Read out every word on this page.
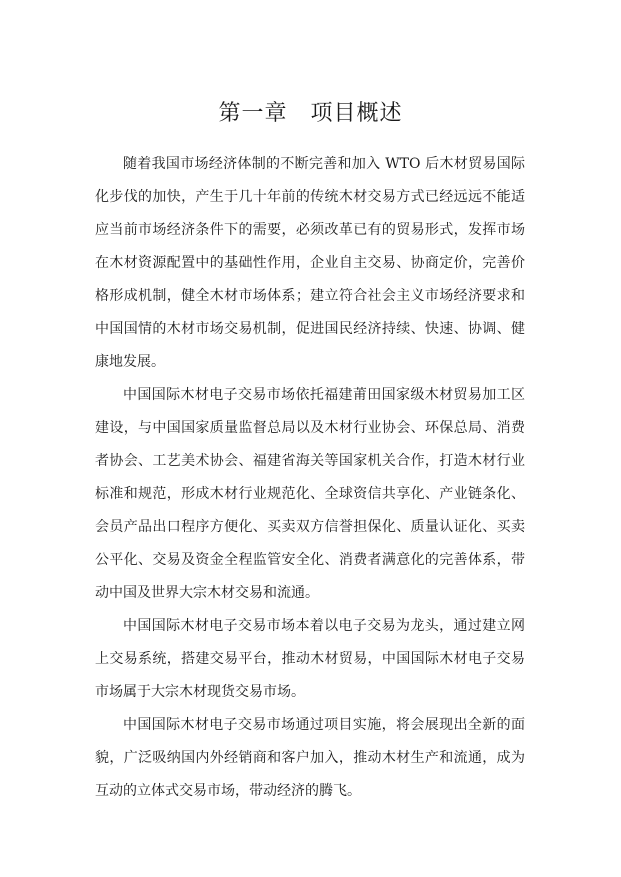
第一章　项目概述

随着我国市场经济体制的不断完善和加入 WTO 后木材贸易国际化步伐的加快，产生于几十年前的传统木材交易方式已经远远不能适应当前市场经济条件下的需要，必须改革已有的贸易形式，发挥市场在木材资源配置中的基础性作用，企业自主交易、协商定价，完善价格形成机制，健全木材市场体系；建立符合社会主义市场经济要求和中国国情的木材市场交易机制，促进国民经济持续、快速、协调、健康地发展。

中国国际木材电子交易市场依托福建莆田国家级木材贸易加工区建设，与中国国家质量监督总局以及木材行业协会、环保总局、消费者协会、工艺美术协会、福建省海关等国家机关合作，打造木材行业标准和规范，形成木材行业规范化、全球资信共享化、产业链条化、会员产品出口程序方便化、买卖双方信誉担保化、质量认证化、买卖公平化、交易及资金全程监管安全化、消费者满意化的完善体系，带动中国及世界大宗木材交易和流通。

中国国际木材电子交易市场本着以电子交易为龙头，通过建立网上交易系统，搭建交易平台，推动木材贸易，中国国际木材电子交易市场属于大宗木材现货交易市场。

中国国际木材电子交易市场通过项目实施，将会展现出全新的面貌，广泛吸纳国内外经销商和客户加入，推动木材生产和流通，成为互动的立体式交易市场，带动经济的腾飞。
